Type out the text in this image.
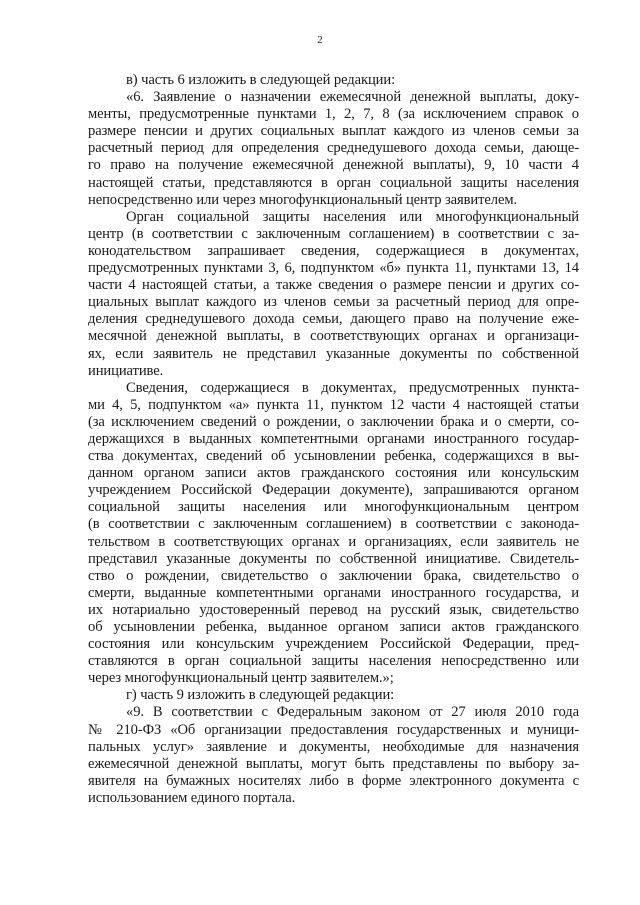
2
в) часть 6 изложить в следующей редакции:
«6. Заявление о назначении ежемесячной денежной выплаты, доку-
менты, предусмотренные пунктами 1, 2, 7, 8 (за исключением справок о
размере пенсии и других социальных выплат каждого из членов семьи за
расчетный период для определения среднедушевого дохода семьи, дающе-
го право на получение ежемесячной денежной выплаты), 9, 10 части 4
настоящей статьи, представляются в орган социальной защиты населения
непосредственно или через многофункциональный центр заявителем.
Орган социальной защиты населения или многофункциональный
центр (в соответствии с заключенным соглашением) в соответствии с за-
конодательством запрашивает сведения, содержащиеся в документах,
предусмотренных пунктами 3, 6, подпунктом «б» пункта 11, пунктами 13, 14
части 4 настоящей статьи, а также сведения о размере пенсии и других со-
циальных выплат каждого из членов семьи за расчетный период для опре-
деления среднедушевого дохода семьи, дающего право на получение ежe-
месячной денежной выплаты, в соответствующих органах и организаци-
ях, если заявитель не представил указанные документы по собственной
инициативе.
Сведения, содержащиеся в документах, предусмотренных пункта-
ми 4, 5, подпунктом «а» пункта 11, пунктом 12 части 4 настоящей статьи
(за исключением сведений о рождении, о заключении брака и о смерти, со-
держащихся в выданных компетентными органами иностранного государ-
ства документах, сведений об усыновлении ребенка, содержащихся в вы-
данном органом записи актов гражданского состояния или консульским
учреждением Российской Федерации документе), запрашиваются органом
социальной защиты населения или многофункциональным центром
(в соответствии с заключенным соглашением) в соответствии с законода-
тельством в соответствующих органах и организациях, если заявитель не
представил указанные документы по собственной инициативе. Свидетель-
ство о рождении, свидетельство о заключении брака, свидетельство о
смерти, выданные компетентными органами иностранного государства, и
их нотариально удостоверенный перевод на русский язык, свидетельство
об усыновлении ребенка, выданное органом записи актов гражданского
состояния или консульским учреждением Российской Федерации, пред-
ставляются в орган социальной защиты населения непосредственно или
через многофункциональный центр заявителем.»;
г) часть 9 изложить в следующей редакции:
«9. В соответствии с Федеральным законом от 27 июля 2010 года
№ 210-ФЗ «Об организации предоставления государственных и муници-
пальных услуг» заявление и документы, необходимые для назначения
ежемесячной денежной выплаты, могут быть представлены по выбору за-
явителя на бумажных носителях либо в форме электронного документа с
использованием единого портала.
